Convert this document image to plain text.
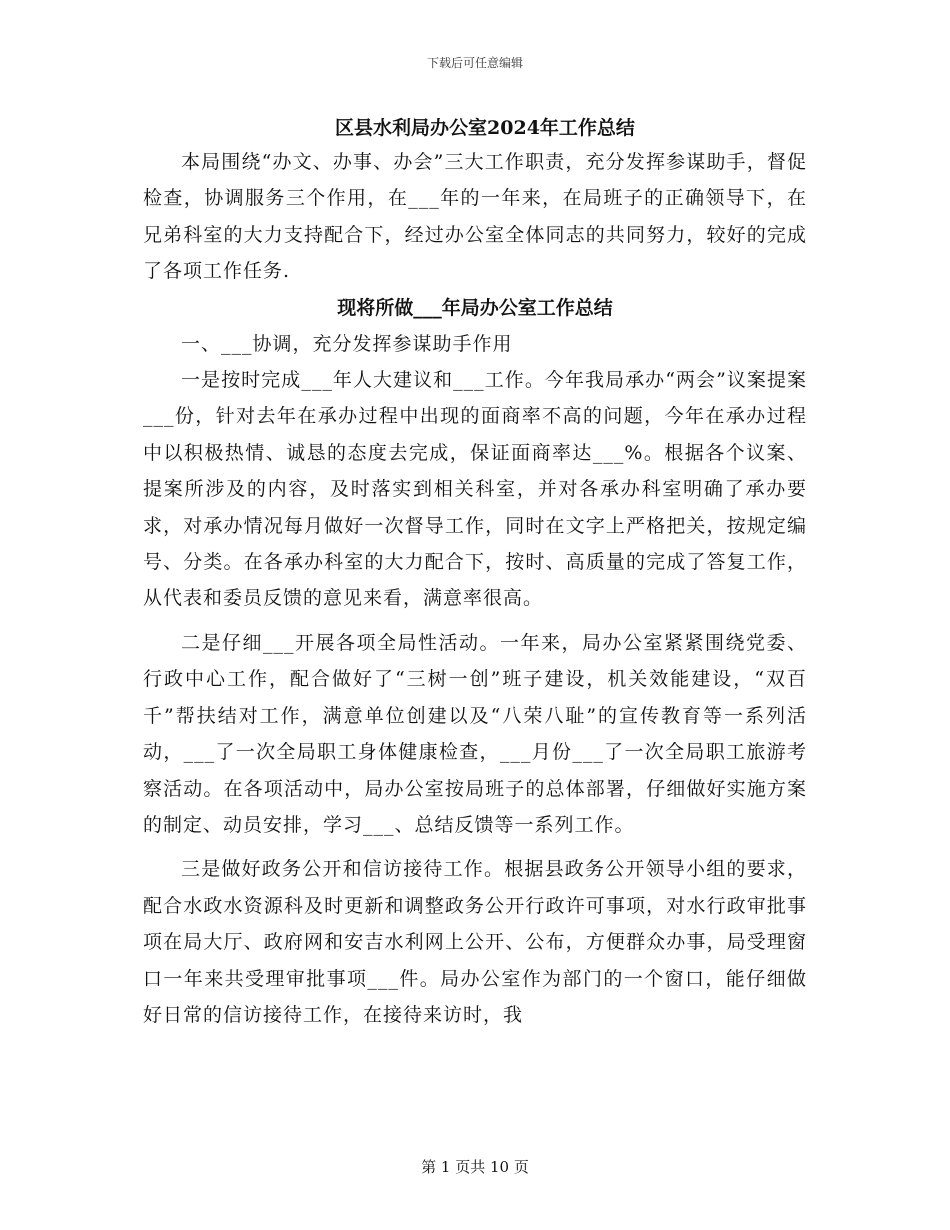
下载后可任意编辑
区县水利局办公室2024年工作总结

本局围绕“办文、办事、办会”三大工作职责，充分发挥参谋助手，督促检查，协调服务三个作用，在___年的一年来，在局班子的正确领导下，在兄弟科室的大力支持配合下，经过办公室全体同志的共同努力，较好的完成了各项工作任务.

现将所做___年局办公室工作总结

一、___协调，充分发挥参谋助手作用

一是按时完成___年人大建议和___工作。今年我局承办“两会”议案提案___份，针对去年在承办过程中出现的面商率不高的问题，今年在承办过程中以积极热情、诚恳的态度去完成，保证面商率达___%。根据各个议案、提案所涉及的内容，及时落实到相关科室，并对各承办科室明确了承办要求，对承办情况每月做好一次督导工作，同时在文字上严格把关，按规定编号、分类。在各承办科室的大力配合下，按时、高质量的完成了答复工作，从代表和委员反馈的意见来看，满意率很高。

二是仔细___开展各项全局性活动。一年来，局办公室紧紧围绕党委、行政中心工作，配合做好了“三树一创”班子建设，机关效能建设，“双百千”帮扶结对工作，满意单位创建以及“八荣八耻”的宣传教育等一系列活动，___了一次全局职工身体健康检查，___月份___了一次全局职工旅游考察活动。在各项活动中，局办公室按局班子的总体部署，仔细做好实施方案的制定、动员安排，学习___、总结反馈等一系列工作。

三是做好政务公开和信访接待工作。根据县政务公开领导小组的要求，配合水政水资源科及时更新和调整政务公开行政许可事项，对水行政审批事项在局大厅、政府网和安吉水利网上公开、公布，方便群众办事，局受理窗口一年来共受理审批事项___件。局办公室作为部门的一个窗口，能仔细做好日常的信访接待工作，在接待来访时，我

第 1 页共 10 页
